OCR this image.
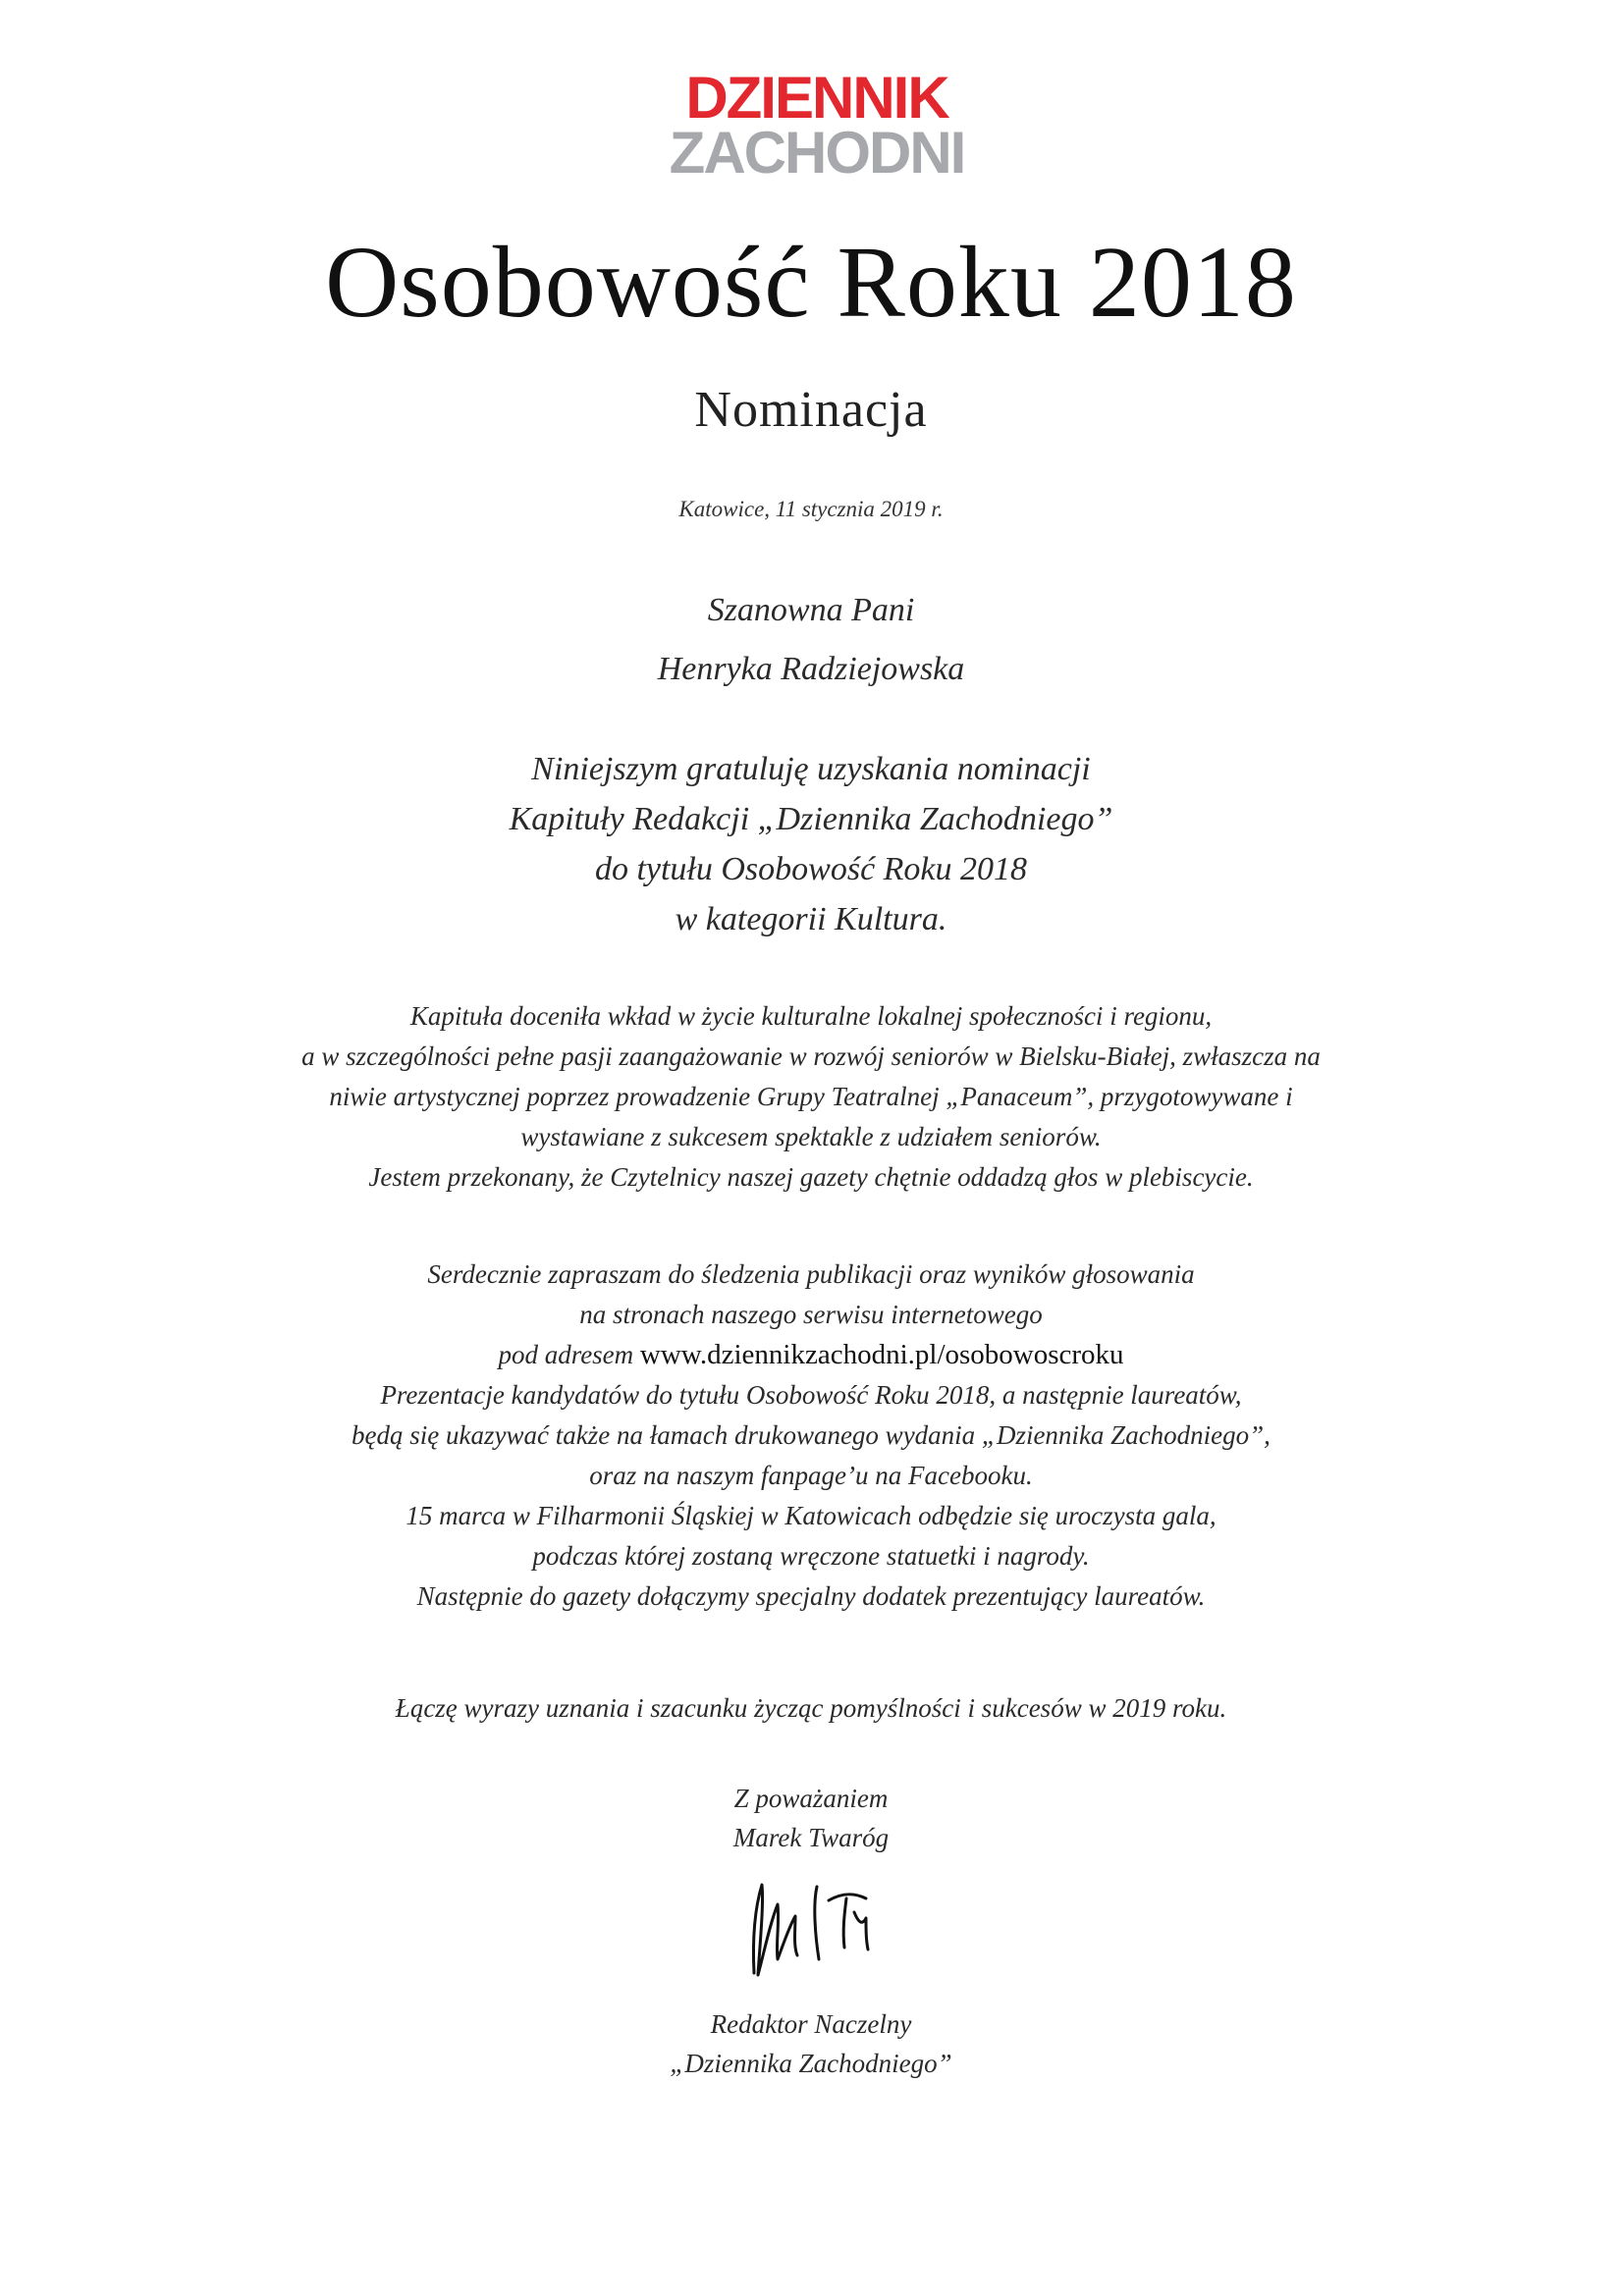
DZIENNIK
ZACHODNI
Osobowość Roku 2018
Nominacja
Katowice, 11 stycznia 2019 r.
Szanowna Pani
Henryka Radziejowska
Niniejszym gratuluję uzyskania nominacji
Kapituły Redakcji „Dziennika Zachodniego”
do tytułu Osobowość Roku 2018
w kategorii Kultura.
Kapituła doceniła wkład w życie kulturalne lokalnej społeczności i regionu,
a w szczególności pełne pasji zaangażowanie w rozwój seniorów w Bielsku-Białej, zwłaszcza na
niwie artystycznej poprzez prowadzenie Grupy Teatralnej „Panaceum”, przygotowywane i
wystawiane z sukcesem spektakle z udziałem seniorów.
Jestem przekonany, że Czytelnicy naszej gazety chętnie oddadzą głos w plebiscycie.
Serdecznie zapraszam do śledzenia publikacji oraz wyników głosowania
na stronach naszego serwisu internetowego
pod adresem www.dziennikzachodni.pl/osobowoscroku
Prezentacje kandydatów do tytułu Osobowość Roku 2018, a następnie laureatów,
będą się ukazywać także na łamach drukowanego wydania „Dziennika Zachodniego”,
oraz na naszym fanpage’u na Facebooku.
15 marca w Filharmonii Śląskiej w Katowicach odbędzie się uroczysta gala,
podczas której zostaną wręczone statuetki i nagrody.
Następnie do gazety dołączymy specjalny dodatek prezentujący laureatów.
Łączę wyrazy uznania i szacunku życząc pomyślności i sukcesów w 2019 roku.
Z poważaniem
Marek Twaróg
Redaktor Naczelny
„Dziennika Zachodniego”
